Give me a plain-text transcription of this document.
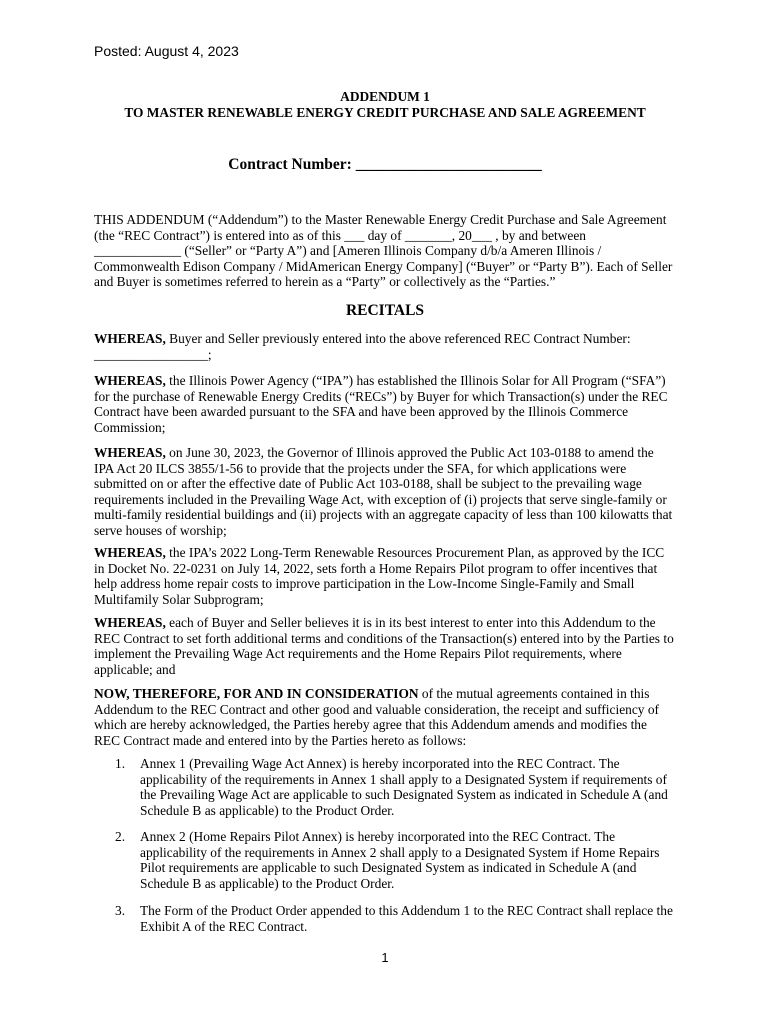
Posted: August 4, 2023
ADDENDUM 1
TO MASTER RENEWABLE ENERGY CREDIT PURCHASE AND SALE AGREEMENT
Contract Number: ________________________

THIS ADDENDUM (“Addendum”) to the Master Renewable Energy Credit Purchase and Sale Agreement (the “REC Contract”) is entered into as of this ___ day of _______, 20___ , by and between _____________ (“Seller” or “Party A”) and [Ameren Illinois Company d/b/a Ameren Illinois / Commonwealth Edison Company / MidAmerican Energy Company] (“Buyer” or “Party B”). Each of Seller and Buyer is sometimes referred to herein as a “Party” or collectively as the “Parties.”

RECITALS

WHEREAS, Buyer and Seller previously entered into the above referenced REC Contract Number: _________________;

WHEREAS, the Illinois Power Agency (“IPA”) has established the Illinois Solar for All Program (“SFA”) for the purchase of Renewable Energy Credits (“RECs”) by Buyer for which Transaction(s) under the REC Contract have been awarded pursuant to the SFA and have been approved by the Illinois Commerce Commission;

WHEREAS, on June 30, 2023, the Governor of Illinois approved the Public Act 103-0188 to amend the IPA Act 20 ILCS 3855/1-56 to provide that the projects under the SFA, for which applications were submitted on or after the effective date of Public Act 103-0188, shall be subject to the prevailing wage requirements included in the Prevailing Wage Act, with exception of (i) projects that serve single-family or multi-family residential buildings and (ii) projects with an aggregate capacity of less than 100 kilowatts that serve houses of worship;

WHEREAS, the IPA’s 2022 Long-Term Renewable Resources Procurement Plan, as approved by the ICC in Docket No. 22-0231 on July 14, 2022, sets forth a Home Repairs Pilot program to offer incentives that help address home repair costs to improve participation in the Low-Income Single-Family and Small Multifamily Solar Subprogram;

WHEREAS, each of Buyer and Seller believes it is in its best interest to enter into this Addendum to the REC Contract to set forth additional terms and conditions of the Transaction(s) entered into by the Parties to implement the Prevailing Wage Act requirements and the Home Repairs Pilot requirements, where applicable; and

NOW, THEREFORE, FOR AND IN CONSIDERATION of the mutual agreements contained in this Addendum to the REC Contract and other good and valuable consideration, the receipt and sufficiency of which are hereby acknowledged, the Parties hereby agree that this Addendum amends and modifies the REC Contract made and entered into by the Parties hereto as follows:

1. Annex 1 (Prevailing Wage Act Annex) is hereby incorporated into the REC Contract. The applicability of the requirements in Annex 1 shall apply to a Designated System if requirements of the Prevailing Wage Act are applicable to such Designated System as indicated in Schedule A (and Schedule B as applicable) to the Product Order.

2. Annex 2 (Home Repairs Pilot Annex) is hereby incorporated into the REC Contract. The applicability of the requirements in Annex 2 shall apply to a Designated System if Home Repairs Pilot requirements are applicable to such Designated System as indicated in Schedule A (and Schedule B as applicable) to the Product Order.

3. The Form of the Product Order appended to this Addendum 1 to the REC Contract shall replace the Exhibit A of the REC Contract.

1
